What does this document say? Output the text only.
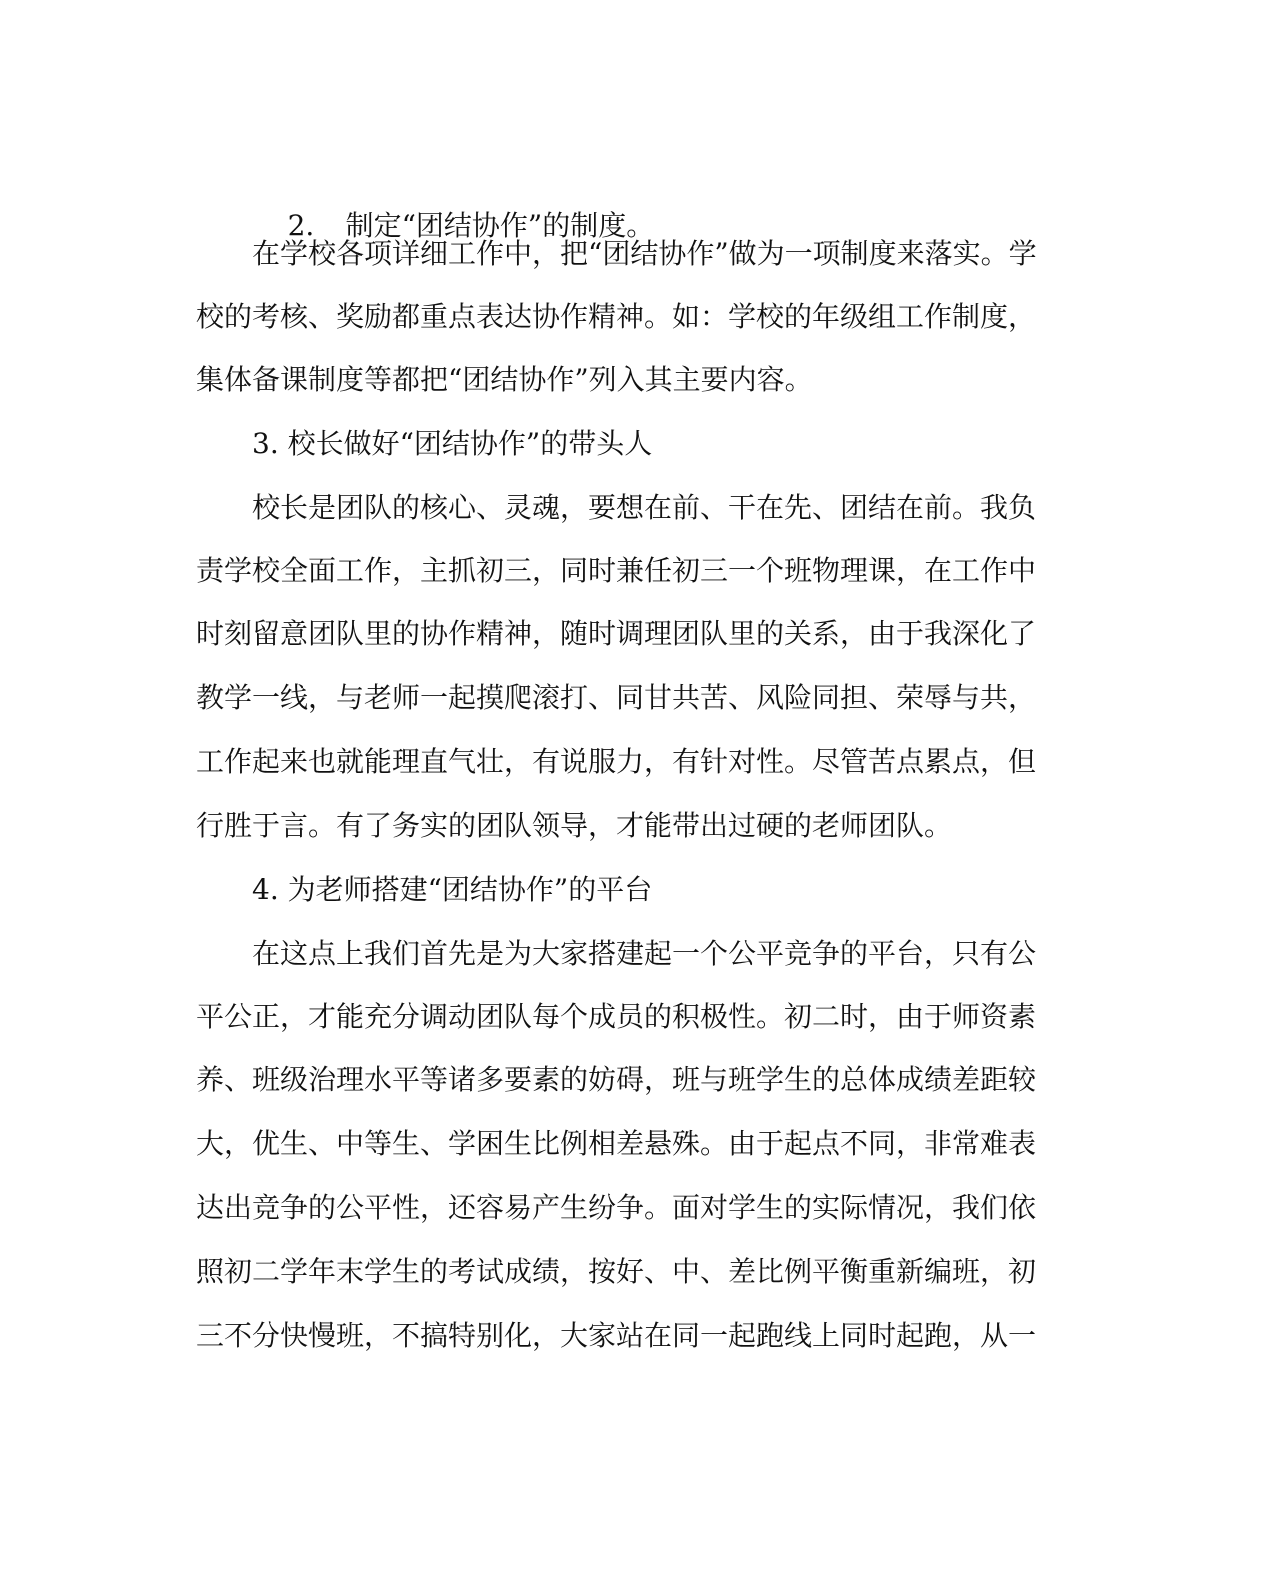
2. 制定“团结协作”的制度。

在学校各项详细工作中，把“团结协作”做为一项制度来落实。学
校的考核、奖励都重点表达协作精神。如：学校的年级组工作制度，
集体备课制度等都把“团结协作”列入其主要内容。
3. 校长做好“团结协作”的带头人
校长是团队的核心、灵魂，要想在前、干在先、团结在前。我负
责学校全面工作，主抓初三，同时兼任初三一个班物理课，在工作中
时刻留意团队里的协作精神，随时调理团队里的关系，由于我深化了
教学一线，与老师一起摸爬滚打、同甘共苦、风险同担、荣辱与共，
工作起来也就能理直气壮，有说服力，有针对性。尽管苦点累点，但
行胜于言。有了务实的团队领导，才能带出过硬的老师团队。
4. 为老师搭建“团结协作”的平台
在这点上我们首先是为大家搭建起一个公平竞争的平台，只有公
平公正，才能充分调动团队每个成员的积极性。初二时，由于师资素
养、班级治理水平等诸多要素的妨碍，班与班学生的总体成绩差距较
大，优生、中等生、学困生比例相差悬殊。由于起点不同，非常难表
达出竞争的公平性，还容易产生纷争。面对学生的实际情况，我们依
照初二学年末学生的考试成绩，按好、中、差比例平衡重新编班，初
三不分快慢班，不搞特别化，大家站在同一起跑线上同时起跑，从一
